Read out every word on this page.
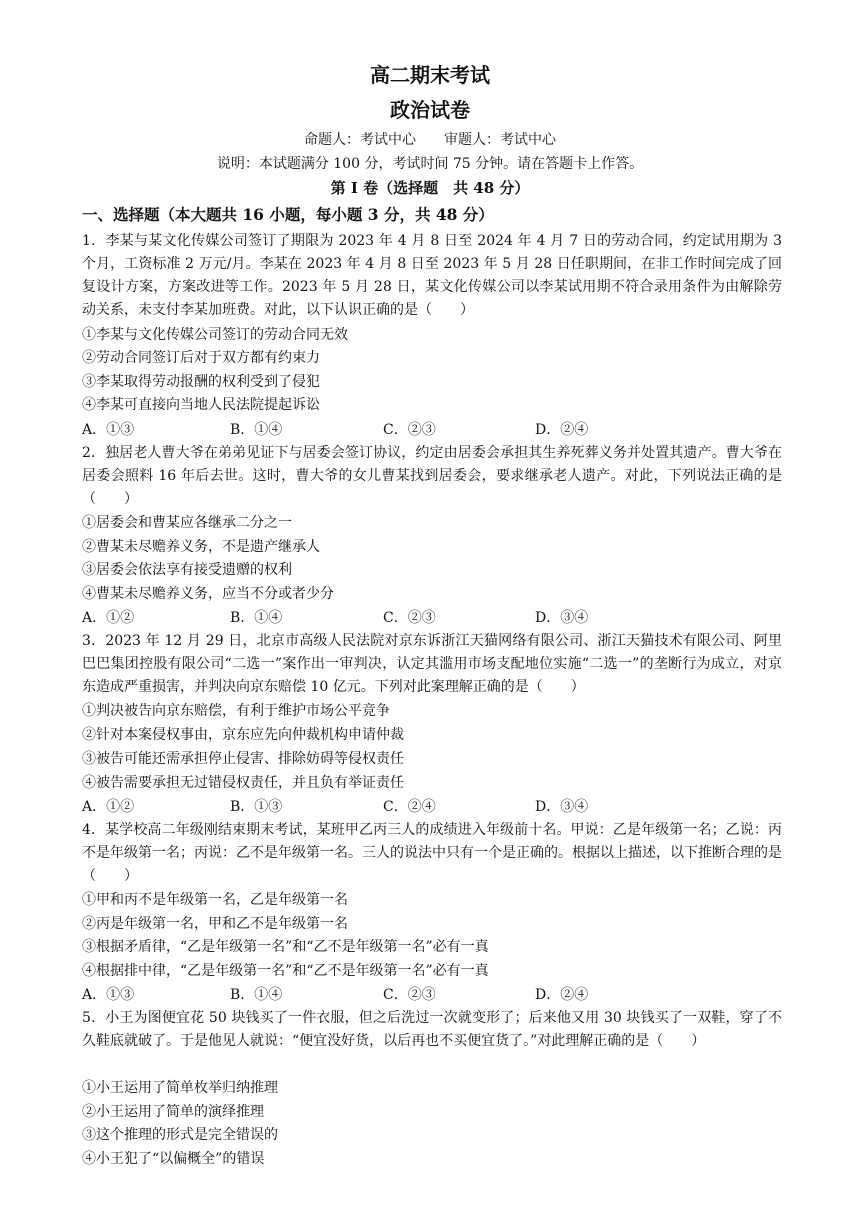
高二期末考试
政治试卷
命题人：考试中心　　审题人：考试中心
说明：本试题满分 100 分，考试时间 75 分钟。请在答题卡上作答。
第 I 卷（选择题　共 48 分）
一、选择题（本大题共 16 小题，每小题 3 分，共 48 分）
1．李某与某文化传媒公司签订了期限为 2023 年 4 月 8 日至 2024 年 4 月 7 日的劳动合同，约定试用期为 3 个月，工资标准 2 万元/月。李某在 2023 年 4 月 8 日至 2023 年 5 月 28 日任职期间，在非工作时间完成了回复设计方案，方案改进等工作。2023 年 5 月 28 日，某文化传媒公司以李某试用期不符合录用条件为由解除劳动关系，未支付李某加班费。对此，以下认识正确的是（　　）
①李某与文化传媒公司签订的劳动合同无效
②劳动合同签订后对于双方都有约束力
③李某取得劳动报酬的权利受到了侵犯
④李某可直接向当地人民法院提起诉讼
A．①③	B．①④	C．②③	D．②④
2．独居老人曹大爷在弟弟见证下与居委会签订协议，约定由居委会承担其生养死葬义务并处置其遗产。曹大爷在居委会照料 16 年后去世。这时，曹大爷的女儿曹某找到居委会，要求继承老人遗产。对此，下列说法正确的是（　　）
①居委会和曹某应各继承二分之一
②曹某未尽赡养义务，不是遗产继承人
③居委会依法享有接受遗赠的权利
④曹某未尽赡养义务，应当不分或者少分
A．①②	B．①④	C．②③	D．③④
3．2023 年 12 月 29 日，北京市高级人民法院对京东诉浙江天猫网络有限公司、浙江天猫技术有限公司、阿里巴巴集团控股有限公司“二选一”案作出一审判决，认定其滥用市场支配地位实施“二选一”的垄断行为成立，对京东造成严重损害，并判决向京东赔偿 10 亿元。下列对此案理解正确的是（　　）
①判决被告向京东赔偿，有利于维护市场公平竞争
②针对本案侵权事由，京东应先向仲裁机构申请仲裁
③被告可能还需承担停止侵害、排除妨碍等侵权责任
④被告需要承担无过错侵权责任，并且负有举证责任
A．①②	B．①③	C．②④	D．③④
4．某学校高二年级刚结束期末考试，某班甲乙丙三人的成绩进入年级前十名。甲说：乙是年级第一名；乙说：丙不是年级第一名；丙说：乙不是年级第一名。三人的说法中只有一个是正确的。根据以上描述，以下推断合理的是（　　）
①甲和丙不是年级第一名，乙是年级第一名
②丙是年级第一名，甲和乙不是年级第一名
③根据矛盾律，“乙是年级第一名”和“乙不是年级第一名”必有一真
④根据排中律，“乙是年级第一名”和“乙不是年级第一名”必有一真
A．①③	B．①④	C．②③	D．②④
5．小王为图便宜花 50 块钱买了一件衣服，但之后洗过一次就变形了；后来他又用 30 块钱买了一双鞋，穿了不久鞋底就破了。于是他见人就说：“便宜没好货，以后再也不买便宜货了。”对此理解正确的是（　　）
①小王运用了简单枚举归纳推理
②小王运用了简单的演绎推理
③这个推理的形式是完全错误的
④小王犯了“以偏概全”的错误
